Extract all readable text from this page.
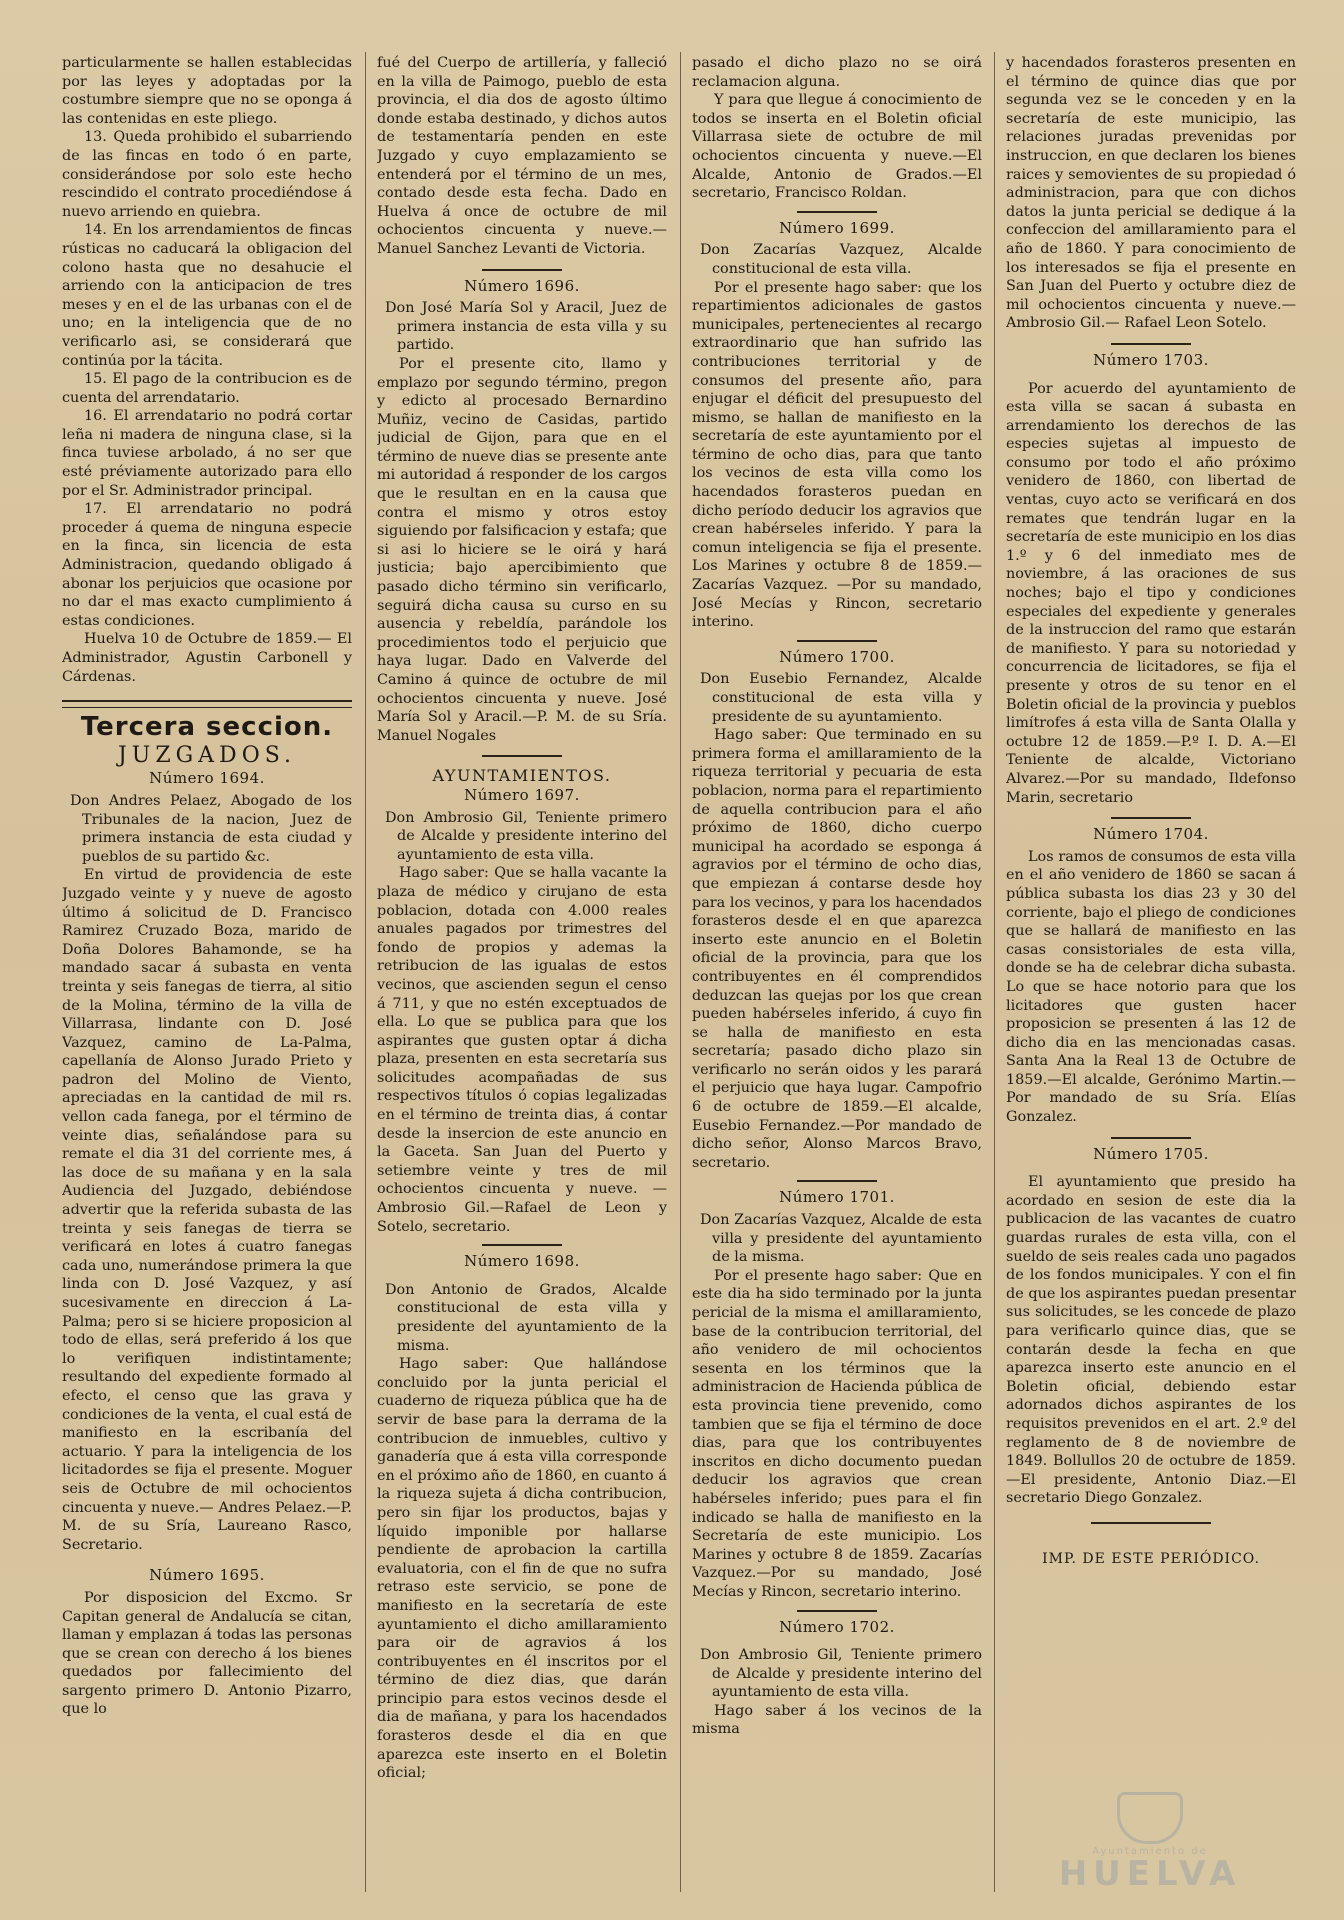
particularmente se hallen establecidas por las leyes y adoptadas por la costumbre siempre que no se oponga á las contenidas en este pliego.

13. Queda prohibido el subarriendo de las fincas en todo ó en parte, considerándose por solo este hecho rescindido el contrato procediéndose á nuevo arriendo en quiebra.

14. En los arrendamientos de fincas rústicas no caducará la obligacion del colono hasta que no desahucie el arriendo con la anticipacion de tres meses y en el de las urbanas con el de uno; en la inteligencia que de no verificarlo asi, se considerará que continúa por la tácita.

15. El pago de la contribucion es de cuenta del arrendatario.

16. El arrendatario no podrá cortar leña ni madera de ninguna clase, si la finca tuviese arbolado, á no ser que esté préviamente autorizado para ello por el Sr. Administrador principal.

17. El arrendatario no podrá proceder á quema de ninguna especie en la finca, sin licencia de esta Administracion, quedando obligado á abonar los perjuicios que ocasione por no dar el mas exacto cumplimiento á estas condiciones.

Huelva 10 de Octubre de 1859.— El Administrador, Agustin Carbonell y Cárdenas.

Tercera seccion.
JUZGADOS.
Número 1694.

Don Andres Pelaez, Abogado de los Tribunales de la nacion, Juez de primera instancia de esta ciudad y pueblos de su partido &c.

En virtud de providencia de este Juzgado veinte y y nueve de agosto último á solicitud de D. Francisco Ramirez Cruzado Boza, marido de Doña Dolores Bahamonde, se ha mandado sacar á subasta en venta treinta y seis fanegas de tierra, al sitio de la Molina, término de la villa de Villarrasa, lindante con D. José Vazquez, camino de La-Palma, capellanía de Alonso Jurado Prieto y padron del Molino de Viento, apreciadas en la cantidad de mil rs. vellon cada fanega, por el término de veinte dias, señalándose para su remate el dia 31 del corriente mes, á las doce de su mañana y en la sala Audiencia del Juzgado, debiéndose advertir que la referida subasta de las treinta y seis fanegas de tierra se verificará en lotes á cuatro fanegas cada uno, numerándose primera la que linda con D. José Vazquez, y así sucesivamente en direccion á La-Palma; pero si se hiciere proposicion al todo de ellas, será preferido á los que lo verifiquen indistintamente; resultando del expediente formado al efecto, el censo que las grava y condiciones de la venta, el cual está de manifiesto en la escribanía del actuario. Y para la inteligencia de los licitadordes se fija el presente. Moguer seis de Octubre de mil ochocientos cincuenta y nueve.— Andres Pelaez.—P. M. de su Sría, Laureano Rasco, Secretario.

Número 1695.

Por disposicion del Excmo. Sr Capitan general de Andalucía se citan, llaman y emplazan á todas las personas que se crean con derecho á los bienes quedados por fallecimiento del sargento primero D. Antonio Pizarro, que lo

fué del Cuerpo de artillería, y falleció en la villa de Paimogo, pueblo de esta provincia, el dia dos de agosto último donde estaba destinado, y dichos autos de testamentaría penden en este Juzgado y cuyo emplazamiento se entenderá por el término de un mes, contado desde esta fecha. Dado en Huelva á once de octubre de mil ochocientos cincuenta y nueve.—Manuel Sanchez Levanti de Victoria.

Número 1696.

Don José María Sol y Aracil, Juez de primera instancia de esta villa y su partido.

Por el presente cito, llamo y emplazo por segundo término, pregon y edicto al procesado Bernardino Muñiz, vecino de Casidas, partido judicial de Gijon, para que en el término de nueve dias se presente ante mi autoridad á responder de los cargos que le resultan en en la causa que contra el mismo y otros estoy siguiendo por falsificacion y estafa; que si asi lo hiciere se le oirá y hará justicia; bajo apercibimiento que pasado dicho término sin verificarlo, seguirá dicha causa su curso en su ausencia y rebeldía, parándole los procedimientos todo el perjuicio que haya lugar. Dado en Valverde del Camino á quince de octubre de mil ochocientos cincuenta y nueve. José María Sol y Aracil.—P. M. de su Sría. Manuel Nogales

AYUNTAMIENTOS.
Número 1697.

Don Ambrosio Gil, Teniente primero de Alcalde y presidente interino del ayuntamiento de esta villa.

Hago saber: Que se halla vacante la plaza de médico y cirujano de esta poblacion, dotada con 4.000 reales anuales pagados por trimestres del fondo de propios y ademas la retribucion de las igualas de estos vecinos, que ascienden segun el censo á 711, y que no estén exceptuados de ella. Lo que se publica para que los aspirantes que gusten optar á dicha plaza, presenten en esta secretaría sus solicitudes acompañadas de sus respectivos títulos ó copias legalizadas en el término de treinta dias, á contar desde la insercion de este anuncio en la Gaceta. San Juan del Puerto y setiembre veinte y tres de mil ochocientos cincuenta y nueve. —Ambrosio Gil.—Rafael de Leon y Sotelo, secretario.

Número 1698.

Don Antonio de Grados, Alcalde constitucional de esta villa y presidente del ayuntamiento de la misma.

Hago saber: Que hallándose concluido por la junta pericial el cuaderno de riqueza pública que ha de servir de base para la derrama de la contribucion de inmuebles, cultivo y ganadería que á esta villa corresponde en el próximo año de 1860, en cuanto á la riqueza sujeta á dicha contribucion, pero sin fijar los productos, bajas y líquido imponible por hallarse pendiente de aprobacion la cartilla evaluatoria, con el fin de que no sufra retraso este servicio, se pone de manifiesto en la secretaría de este ayuntamiento el dicho amillaramiento para oir de agravios á los contribuyentes en él inscritos por el término de diez dias, que darán principio para estos vecinos desde el dia de mañana, y para los hacendados forasteros desde el dia en que aparezca este inserto en el Boletin oficial;

pasado el dicho plazo no se oirá reclamacion alguna.

Y para que llegue á conocimiento de todos se inserta en el Boletin oficial Villarrasa siete de octubre de mil ochocientos cincuenta y nueve.—El Alcalde, Antonio de Grados.—El secretario, Francisco Roldan.

Número 1699.

Don Zacarías Vazquez, Alcalde constitucional de esta villa.

Por el presente hago saber: que los repartimientos adicionales de gastos municipales, pertenecientes al recargo extraordinario que han sufrido las contribuciones territorial y de consumos del presente año, para enjugar el déficit del presupuesto del mismo, se hallan de manifiesto en la secretaría de este ayuntamiento por el término de ocho dias, para que tanto los vecinos de esta villa como los hacendados forasteros puedan en dicho período deducir los agravios que crean habérseles inferido. Y para la comun inteligencia se fija el presente. Los Marines y octubre 8 de 1859.—Zacarías Vazquez. —Por su mandado, José Mecías y Rincon, secretario interino.

Número 1700.

Don Eusebio Fernandez, Alcalde constitucional de esta villa y presidente de su ayuntamiento.

Hago saber: Que terminado en su primera forma el amillaramiento de la riqueza territorial y pecuaria de esta poblacion, norma para el repartimiento de aquella contribucion para el año próximo de 1860, dicho cuerpo municipal ha acordado se esponga á agravios por el término de ocho dias, que empiezan á contarse desde hoy para los vecinos, y para los hacendados forasteros desde el en que aparezca inserto este anuncio en el Boletin oficial de la provincia, para que los contribuyentes en él comprendidos deduzcan las quejas por los que crean pueden habérseles inferido, á cuyo fin se halla de manifiesto en esta secretaría; pasado dicho plazo sin verificarlo no serán oidos y les parará el perjuicio que haya lugar. Campofrio 6 de octubre de 1859.—El alcalde, Eusebio Fernandez.—Por mandado de dicho señor, Alonso Marcos Bravo, secretario.

Número 1701.

Don Zacarías Vazquez, Alcalde de esta villa y presidente del ayuntamiento de la misma.

Por el presente hago saber: Que en este dia ha sido terminado por la junta pericial de la misma el amillaramiento, base de la contribucion territorial, del año venidero de mil ochocientos sesenta en los términos que la administracion de Hacienda pública de esta provincia tiene prevenido, como tambien que se fija el término de doce dias, para que los contribuyentes inscritos en dicho documento puedan deducir los agravios que crean habérseles inferido; pues para el fin indicado se halla de manifiesto en la Secretaría de este municipio. Los Marines y octubre 8 de 1859. Zacarías Vazquez.—Por su mandado, José Mecías y Rincon, secretario interino.

Número 1702.

Don Ambrosio Gil, Teniente primero de Alcalde y presidente interino del ayuntamiento de esta villa.

Hago saber á los vecinos de la misma

y hacendados forasteros presenten en el término de quince dias que por segunda vez se le conceden y en la secretaría de este municipio, las relaciones juradas prevenidas por instruccion, en que declaren los bienes raices y semovientes de su propiedad ó administracion, para que con dichos datos la junta pericial se dedique á la confeccion del amillaramiento para el año de 1860. Y para conocimiento de los interesados se fija el presente en San Juan del Puerto y octubre diez de mil ochocientos cincuenta y nueve.—Ambrosio Gil.— Rafael Leon Sotelo.

Número 1703.

Por acuerdo del ayuntamiento de esta villa se sacan á subasta en arrendamiento los derechos de las especies sujetas al impuesto de consumo por todo el año próximo venidero de 1860, con libertad de ventas, cuyo acto se verificará en dos remates que tendrán lugar en la secretaría de este municipio en los dias 1.º y 6 del inmediato mes de noviembre, á las oraciones de sus noches; bajo el tipo y condiciones especiales del expediente y generales de la instruccion del ramo que estarán de manifiesto. Y para su notoriedad y concurrencia de licitadores, se fija el presente y otros de su tenor en el Boletin oficial de la provincia y pueblos limítrofes á esta villa de Santa Olalla y octubre 12 de 1859.—P.º I. D. A.—El Teniente de alcalde, Victoriano Alvarez.—Por su mandado, Ildefonso Marin, secretario

Número 1704.

Los ramos de consumos de esta villa en el año venidero de 1860 se sacan á pública subasta los dias 23 y 30 del corriente, bajo el pliego de condiciones que se hallará de manifiesto en las casas consistoriales de esta villa, donde se ha de celebrar dicha subasta. Lo que se hace notorio para que los licitadores que gusten hacer proposicion se presenten á las 12 de dicho dia en las mencionadas casas. Santa Ana la Real 13 de Octubre de 1859.—El alcalde, Gerónimo Martin.—Por mandado de su Sría. Elías Gonzalez.

Número 1705.

El ayuntamiento que presido ha acordado en sesion de este dia la publicacion de las vacantes de cuatro guardas rurales de esta villa, con el sueldo de seis reales cada uno pagados de los fondos municipales. Y con el fin de que los aspirantes puedan presentar sus solicitudes, se les concede de plazo para verificarlo quince dias, que se contarán desde la fecha en que aparezca inserto este anuncio en el Boletin oficial, debiendo estar adornados dichos aspirantes de los requisitos prevenidos en el art. 2.º del reglamento de 8 de noviembre de 1849. Bollullos 20 de octubre de 1859.—El presidente, Antonio Diaz.—El secretario Diego Gonzalez.

IMP. DE ESTE PERIÓDICO.
Ayuntamiento de
HUELVA
